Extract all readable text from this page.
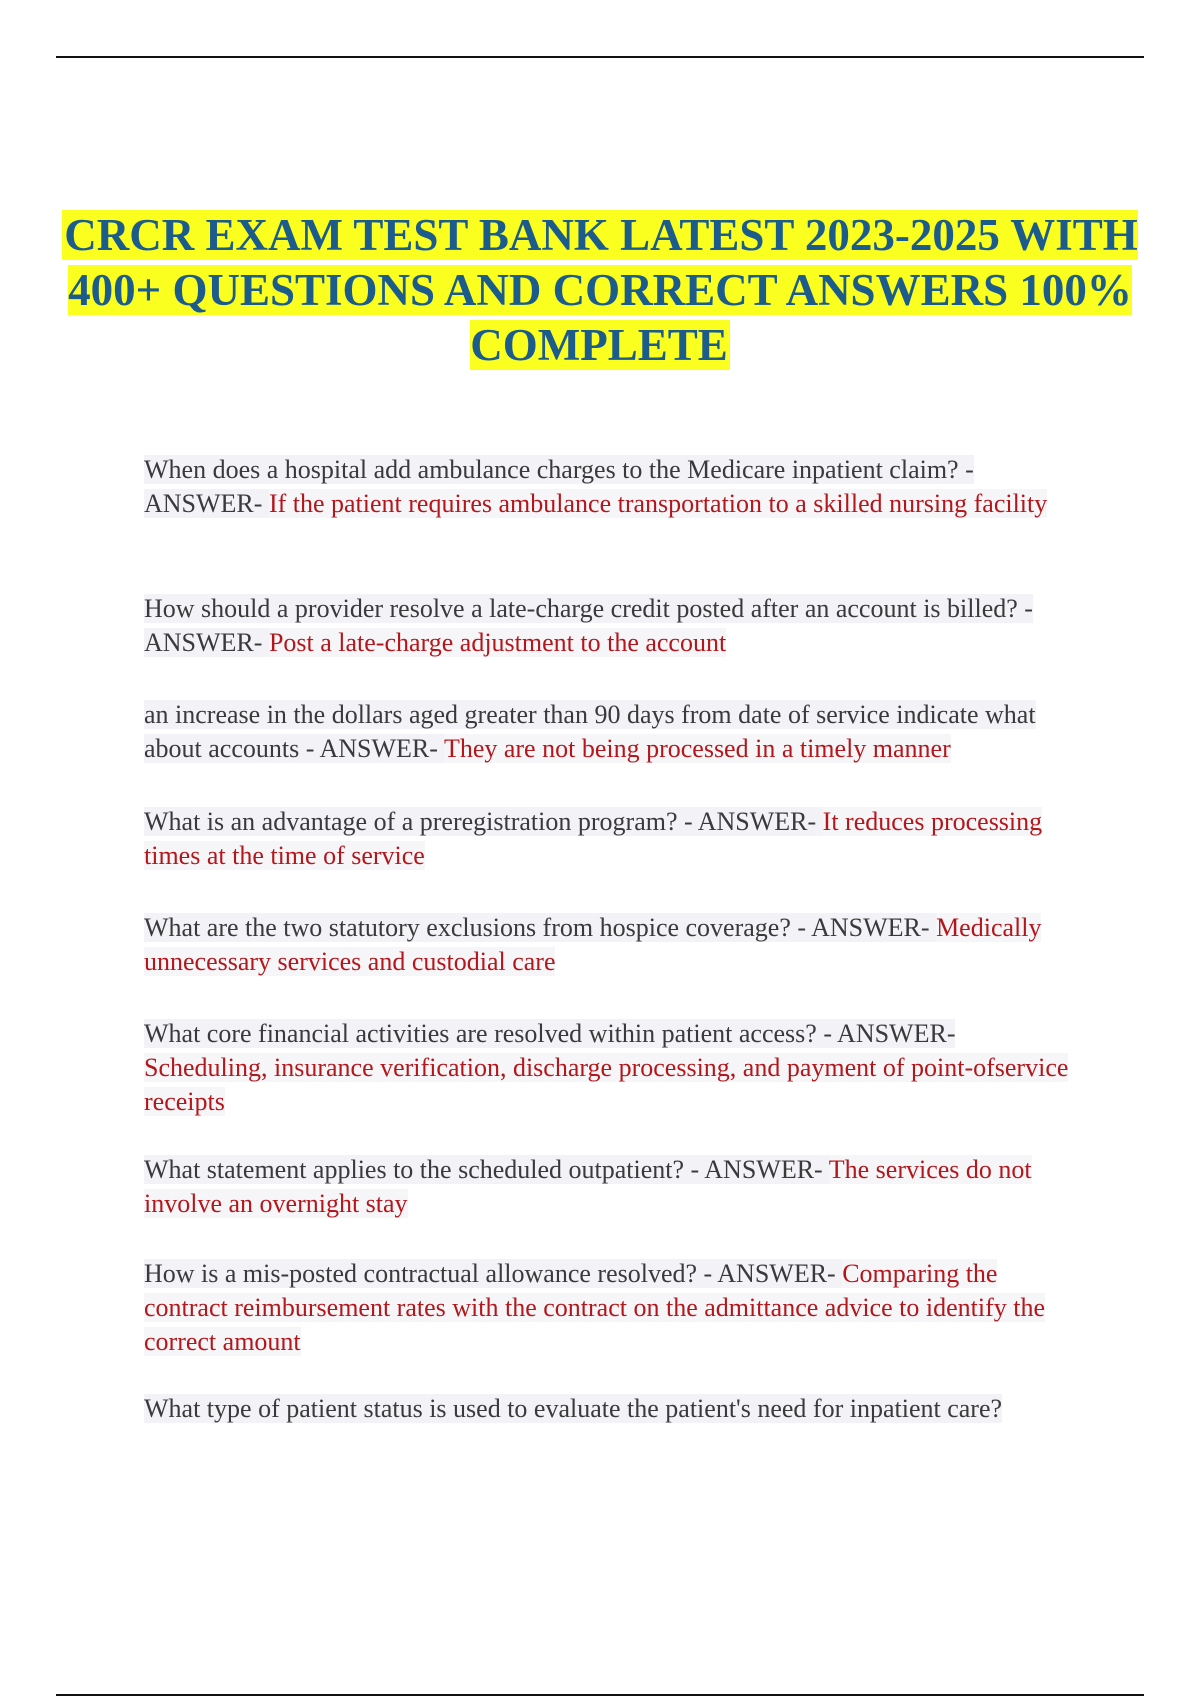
CRCR EXAM TEST BANK LATEST 2023-2025 WITH 400+ QUESTIONS AND CORRECT ANSWERS 100% COMPLETE
When does a hospital add ambulance charges to the Medicare inpatient claim? - ANSWER- If the patient requires ambulance transportation to a skilled nursing facility
How should a provider resolve a late-charge credit posted after an account is billed? - ANSWER- Post a late-charge adjustment to the account
an increase in the dollars aged greater than 90 days from date of service indicate what about accounts - ANSWER- They are not being processed in a timely manner
What is an advantage of a preregistration program? - ANSWER- It reduces processing times at the time of service
What are the two statutory exclusions from hospice coverage? - ANSWER- Medically unnecessary services and custodial care
What core financial activities are resolved within patient access? - ANSWER- Scheduling, insurance verification, discharge processing, and payment of point-ofservice receipts
What statement applies to the scheduled outpatient? - ANSWER- The services do not involve an overnight stay
How is a mis-posted contractual allowance resolved? - ANSWER- Comparing the contract reimbursement rates with the contract on the admittance advice to identify the correct amount
What type of patient status is used to evaluate the patient's need for inpatient care?
